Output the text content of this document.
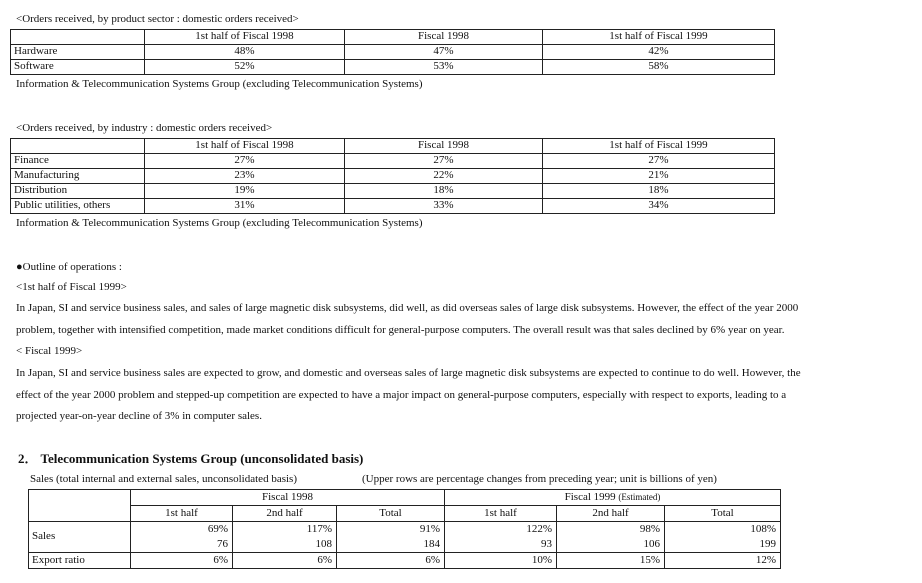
<Orders received, by product sector : domestic orders received>
	1st half of Fiscal 1998	Fiscal 1998	1st half of Fiscal 1999
Hardware	48%	47%	42%
Software	52%	53%	58%
Information & Telecommunication Systems Group (excluding Telecommunication Systems)
<Orders received, by industry : domestic orders received>
	1st half of Fiscal 1998	Fiscal 1998	1st half of Fiscal 1999
Finance	27%	27%	27%
Manufacturing	23%	22%	21%
Distribution	19%	18%	18%
Public utilities, others	31%	33%	34%
Information & Telecommunication Systems Group (excluding Telecommunication Systems)
●Outline of operations :
<1st half of Fiscal 1999>
In Japan, SI and service business sales, and sales of large magnetic disk subsystems, did well, as did overseas sales of large disk subsystems. However, the effect of the year 2000
problem, together with intensified competition, made market conditions difficult for general-purpose computers. The overall result was that sales declined by 6% year on year.
< Fiscal 1999>
In Japan, SI and service business sales are expected to grow, and domestic and overseas sales of large magnetic disk subsystems are expected to continue to do well. However, the
effect of the year 2000 problem and stepped-up competition are expected to have a major impact on general-purpose computers, especially with respect to exports, leading to a
projected year-on-year decline of 3% in computer sales.
2． Telecommunication Systems Group (unconsolidated basis)
Sales (total internal and external sales, unconsolidated basis)	(Upper rows are percentage changes from preceding year; unit is billions of yen)
	Fiscal 1998			Fiscal 1999 (Estimated)		
	1st half	2nd half	Total	1st half	2nd half	Total
Sales	69%	117%	91%	122%	98%	108%
	76	108	184	93	106	199
Export ratio	6%	6%	6%	10%	15%	12%
